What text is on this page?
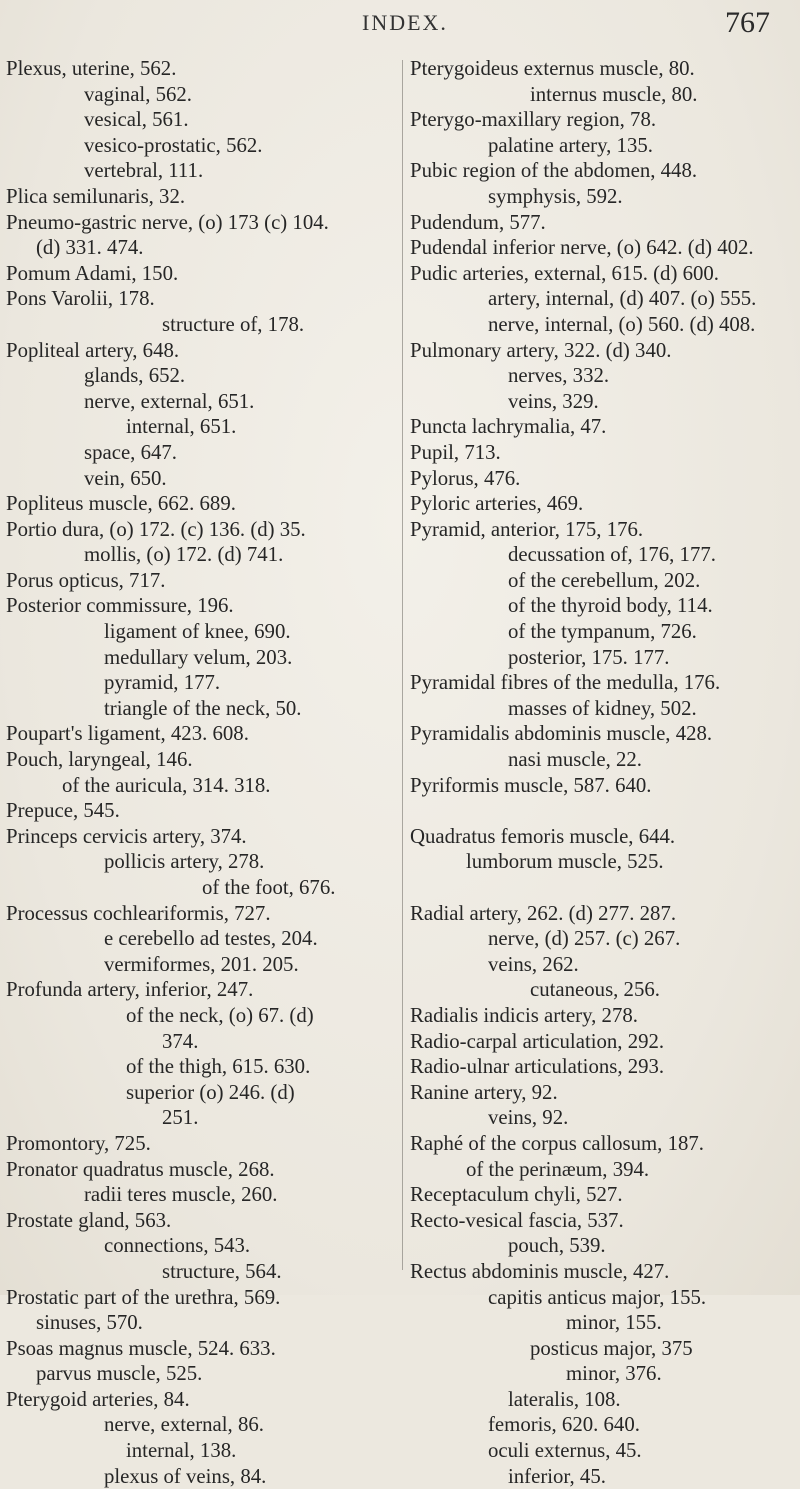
INDEX.	767
Plexus, uterine, 562.
vaginal, 562.
vesical, 561.
vesico-prostatic, 562.
vertebral, 111.
Plica semilunaris, 32.
Pneumo-gastric nerve, (o) 173 (c) 104.
(d) 331. 474.
Pomum Adami, 150.
Pons Varolii, 178.
structure of, 178.
Popliteal artery, 648.
glands, 652.
nerve, external, 651.
internal, 651.
space, 647.
vein, 650.
Popliteus muscle, 662. 689.
Portio dura, (o) 172. (c) 136. (d) 35.
mollis, (o) 172. (d) 741.
Porus opticus, 717.
Posterior commissure, 196.
ligament of knee, 690.
medullary velum, 203.
pyramid, 177.
triangle of the neck, 50.
Poupart's ligament, 423. 608.
Pouch, laryngeal, 146.
of the auricula, 314. 318.
Prepuce, 545.
Princeps cervicis artery, 374.
pollicis artery, 278.
of the foot, 676.
Processus cochleariformis, 727.
e cerebello ad testes, 204.
vermiformes, 201. 205.
Profunda artery, inferior, 247.
of the neck, (o) 67. (d)
374.
of the thigh, 615. 630.
superior (o) 246. (d)
251.
Promontory, 725.
Pronator quadratus muscle, 268.
radii teres muscle, 260.
Prostate gland, 563.
connections, 543.
structure, 564.
Prostatic part of the urethra, 569.
sinuses, 570.
Psoas magnus muscle, 524. 633.
parvus muscle, 525.
Pterygoid arteries, 84.
nerve, external, 86.
internal, 138.
plexus of veins, 84.
Pterygoideus externus muscle, 80.
internus muscle, 80.
Pterygo-maxillary region, 78.
palatine artery, 135.
Pubic region of the abdomen, 448.
symphysis, 592.
Pudendum, 577.
Pudendal inferior nerve, (o) 642. (d) 402.
Pudic arteries, external, 615. (d) 600.
artery, internal, (d) 407. (o) 555.
nerve, internal, (o) 560. (d) 408.
Pulmonary artery, 322. (d) 340.
nerves, 332.
veins, 329.
Puncta lachrymalia, 47.
Pupil, 713.
Pylorus, 476.
Pyloric arteries, 469.
Pyramid, anterior, 175, 176.
decussation of, 176, 177.
of the cerebellum, 202.
of the thyroid body, 114.
of the tympanum, 726.
posterior, 175. 177.
Pyramidal fibres of the medulla, 176.
masses of kidney, 502.
Pyramidalis abdominis muscle, 428.
nasi muscle, 22.
Pyriformis muscle, 587. 640.
Quadratus femoris muscle, 644.
lumborum muscle, 525.
Radial artery, 262. (d) 277. 287.
nerve, (d) 257. (c) 267.
veins, 262.
cutaneous, 256.
Radialis indicis artery, 278.
Radio-carpal articulation, 292.
Radio-ulnar articulations, 293.
Ranine artery, 92.
veins, 92.
Raphé of the corpus callosum, 187.
of the perinæum, 394.
Receptaculum chyli, 527.
Recto-vesical fascia, 537.
pouch, 539.
Rectus abdominis muscle, 427.
capitis anticus major, 155.
minor, 155.
posticus major, 375
minor, 376.
lateralis, 108.
femoris, 620. 640.
oculi externus, 45.
inferior, 45.
